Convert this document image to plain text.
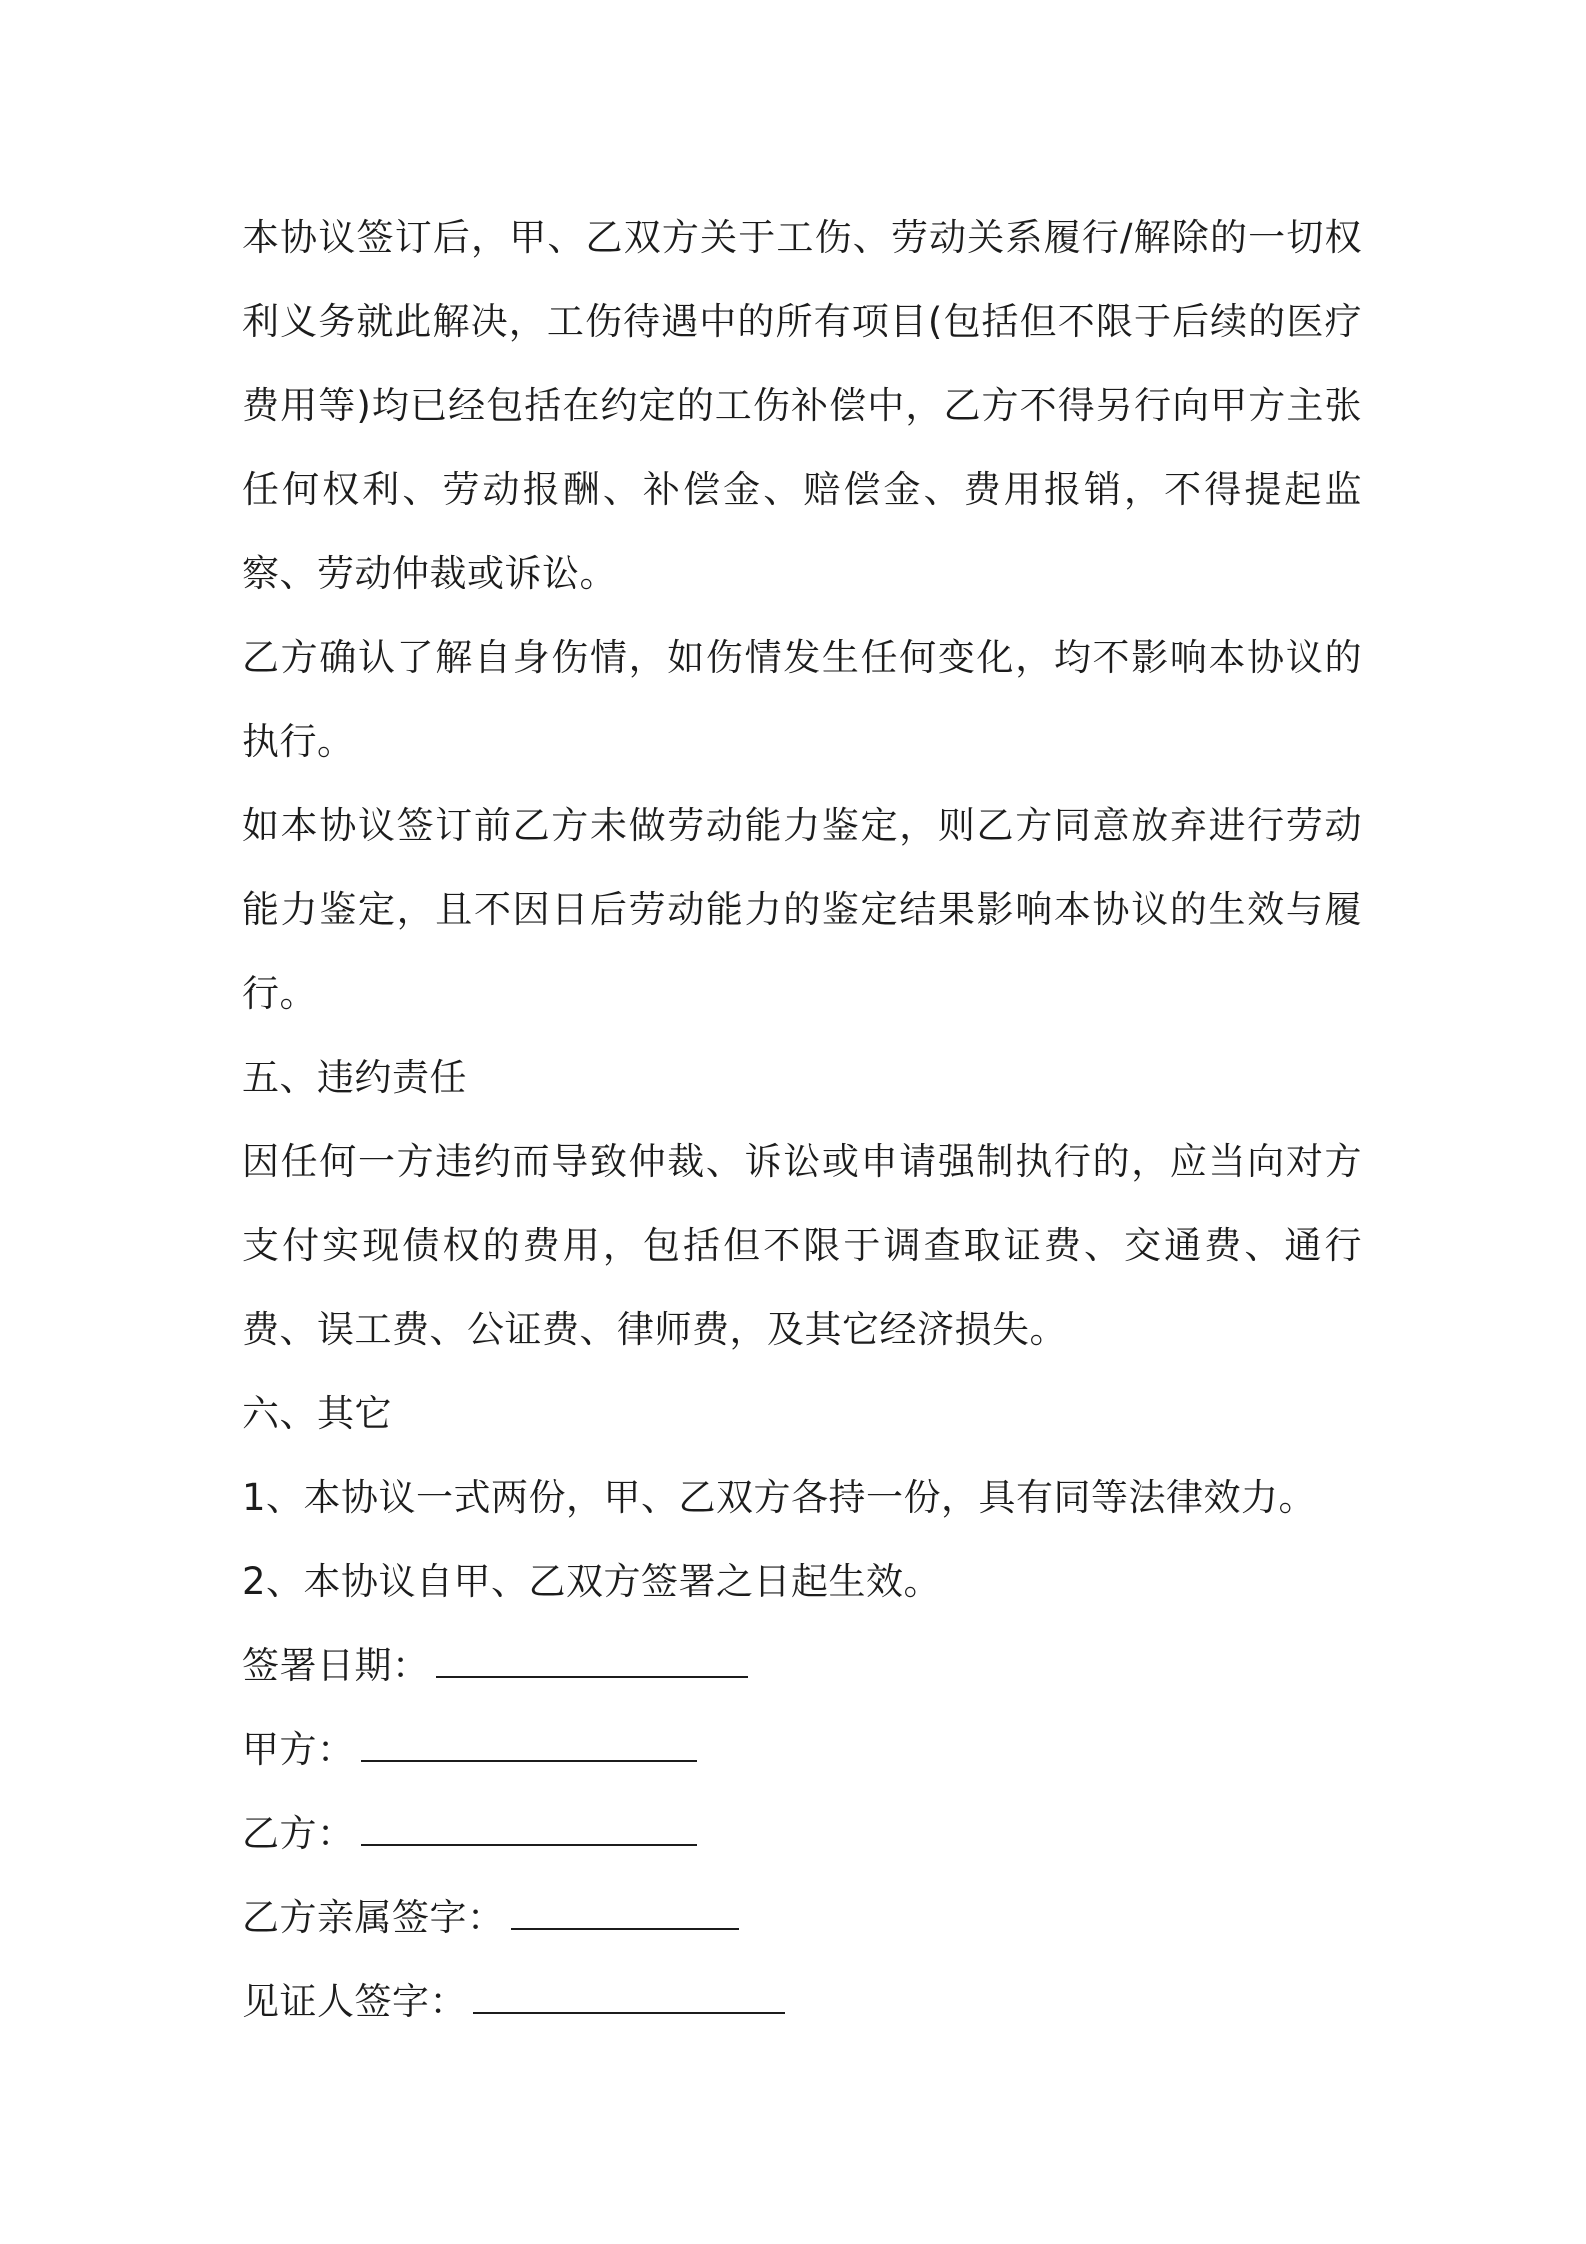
本协议签订后，甲、乙双方关于工伤、劳动关系履行/解除的一切权利义务就此解决，工伤待遇中的所有项目(包括但不限于后续的医疗费用等)均已经包括在约定的工伤补偿中，乙方不得另行向甲方主张任何权利、劳动报酬、补偿金、赔偿金、费用报销，不得提起监察、劳动仲裁或诉讼。

乙方确认了解自身伤情，如伤情发生任何变化，均不影响本协议的执行。

如本协议签订前乙方未做劳动能力鉴定，则乙方同意放弃进行劳动能力鉴定，且不因日后劳动能力的鉴定结果影响本协议的生效与履行。

五、违约责任

因任何一方违约而导致仲裁、诉讼或申请强制执行的，应当向对方支付实现债权的费用，包括但不限于调查取证费、交通费、通行费、误工费、公证费、律师费，及其它经济损失。

六、其它

1、本协议一式两份，甲、乙双方各持一份，具有同等法律效力。

2、本协议自甲、乙双方签署之日起生效。

签署日期：

甲方：

乙方：

乙方亲属签字：

见证人签字：
